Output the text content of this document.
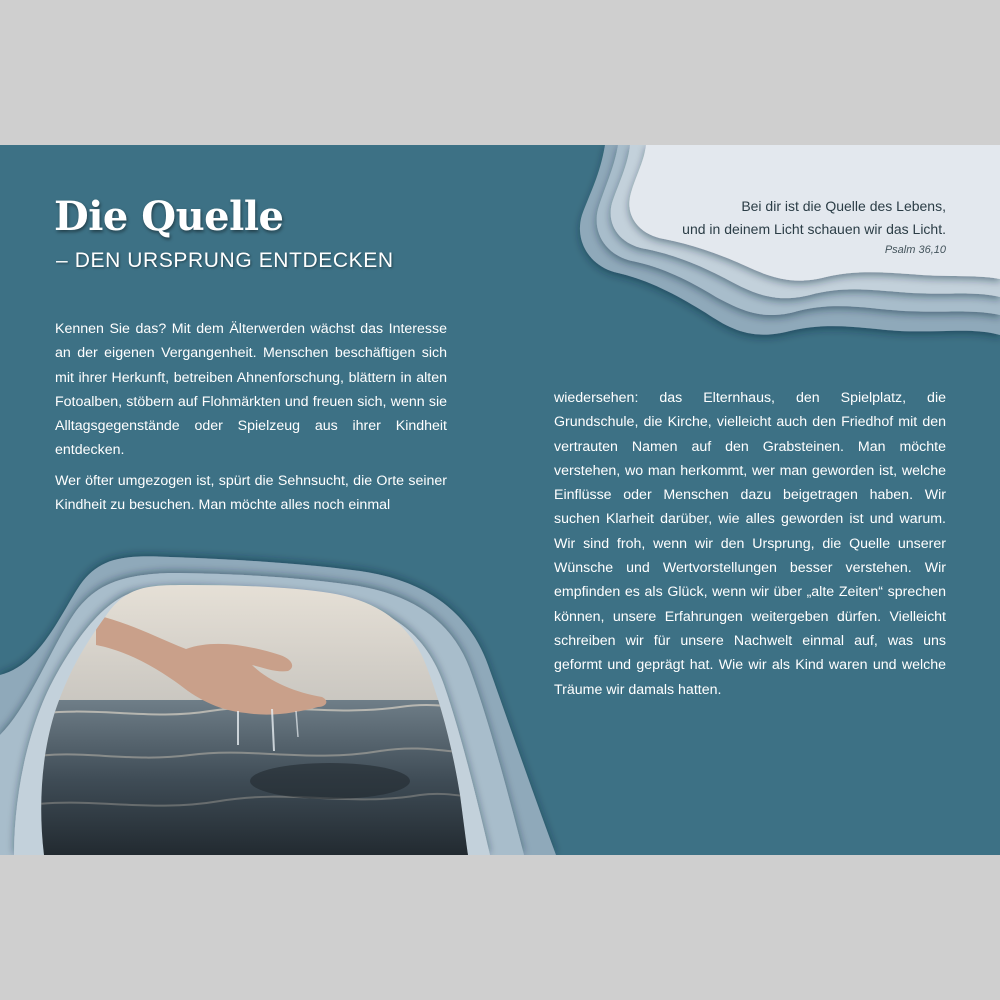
Die Quelle
– DEN URSPRUNG ENTDECKEN
Bei dir ist die Quelle des Lebens,
und in deinem Licht schauen wir das Licht.
Psalm 36,10

Kennen Sie das? Mit dem Älterwerden wächst das Interesse an der eigenen Vergangenheit. Menschen beschäftigen sich mit ihrer Herkunft, betreiben Ahnenforschung, blättern in alten Fotoalben, stöbern auf Flohmärkten und freuen sich, wenn sie Alltagsgegenstände oder Spielzeug aus ihrer Kindheit entdecken.

Wer öfter umgezogen ist, spürt die Sehnsucht, die Orte seiner Kindheit zu besuchen. Man möchte alles noch einmal

wiedersehen: das Elternhaus, den Spielplatz, die Grundschule, die Kirche, vielleicht auch den Friedhof mit den vertrauten Namen auf den Grabsteinen. Man möchte verstehen, wo man herkommt, wer man geworden ist, welche Einflüsse oder Menschen dazu beigetragen haben. Wir suchen Klarheit darüber, wie alles geworden ist und warum. Wir sind froh, wenn wir den Ursprung, die Quelle unserer Wünsche und Wertvorstellungen besser verstehen. Wir empfinden es als Glück, wenn wir über „alte Zeiten“ sprechen können, unsere Erfahrungen weitergeben dürfen. Vielleicht schreiben wir für unsere Nachwelt einmal auf, was uns geformt und geprägt hat. Wie wir als Kind waren und welche Träume wir damals hatten.
